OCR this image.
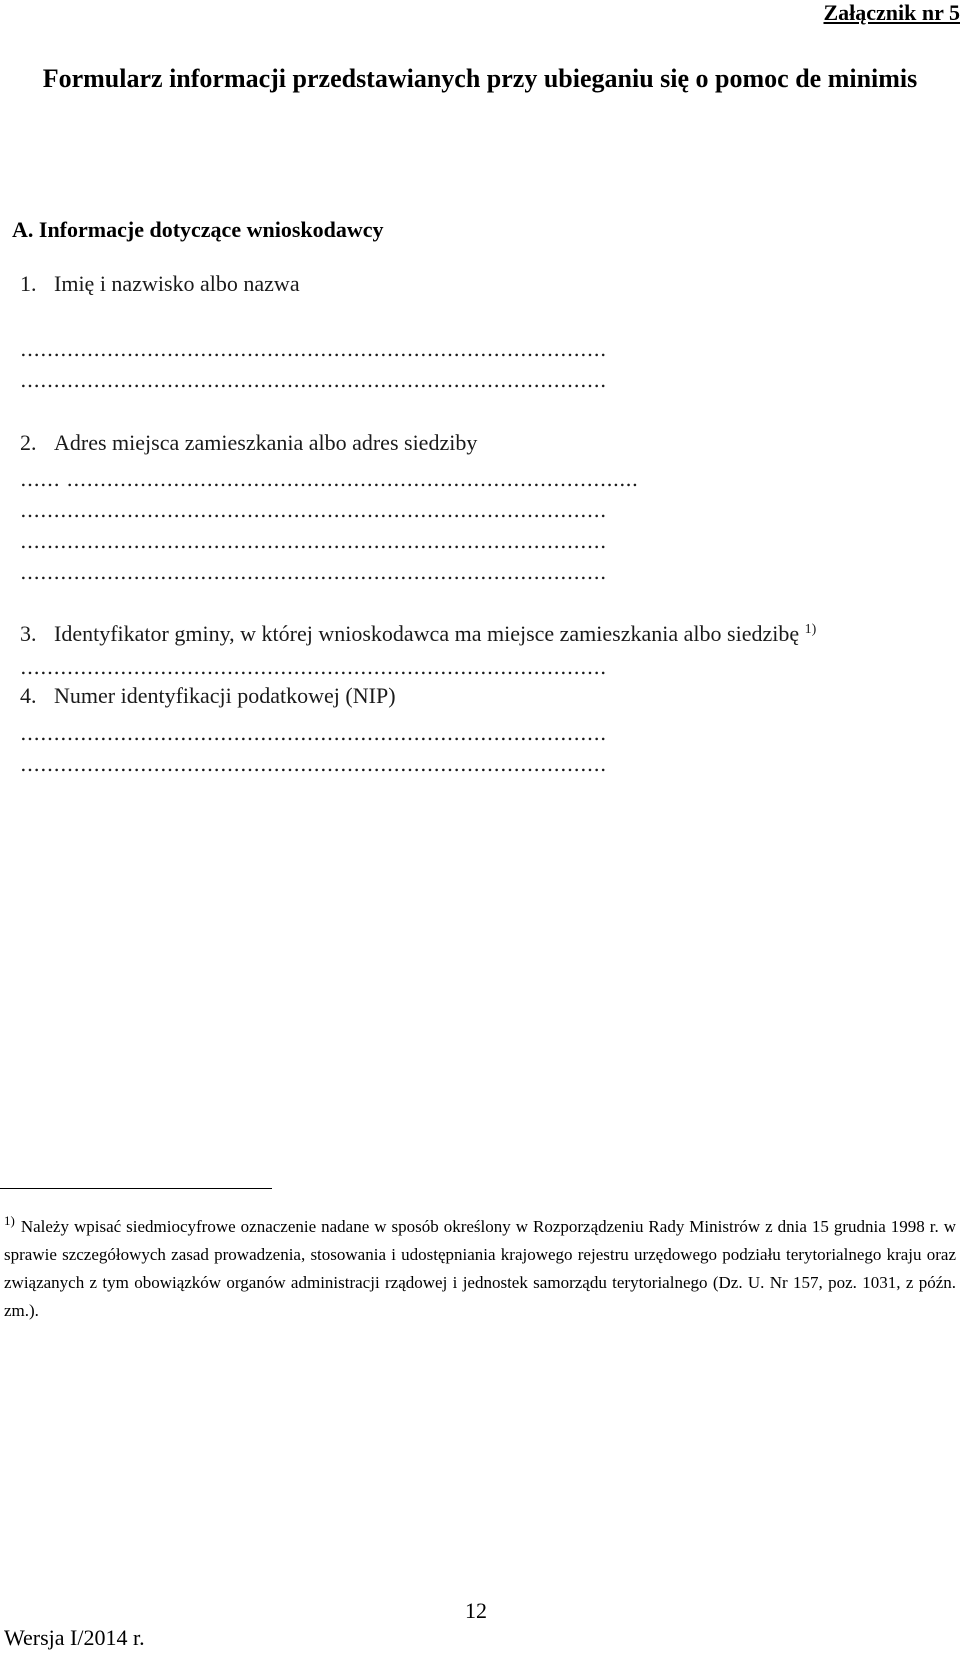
Załącznik nr 5
Formularz informacji przedstawianych przy ubieganiu się o pomoc de minimis
A. Informacje dotyczące wnioskodawcy
1. Imię i nazwisko albo nazwa
…………………………………………………………………………….
…………………………………………………………………………….
2. Adres miejsca zamieszkania albo adres siedziby
…… ……………………………………………………………………….....
…………………………………………………………………………….
…………………………………………………………………………….
…………………………………………………………………………….
3. Identyfikator gminy, w której wnioskodawca ma miejsce zamieszkania albo siedzibę $^{1)}$
…………………………………………………………………………….
4. Numer identyfikacji podatkowej (NIP)
…………………………………………………………………………….
…………………………………………………………………………….
$^{1)}$ Należy wpisać siedmiocyfrowe oznaczenie nadane w sposób określony w Rozporządzeniu Rady Ministrów z dnia 15 grudnia 1998 r. w sprawie szczegółowych zasad prowadzenia, stosowania i udostępniania krajowego rejestru urzędowego podziału terytorialnego kraju oraz związanych z tym obowiązków organów administracji rządowej i jednostek samorządu terytorialnego (Dz. U. Nr 157, poz. 1031, z późn. zm.).
12
Wersja I/2014 r.
